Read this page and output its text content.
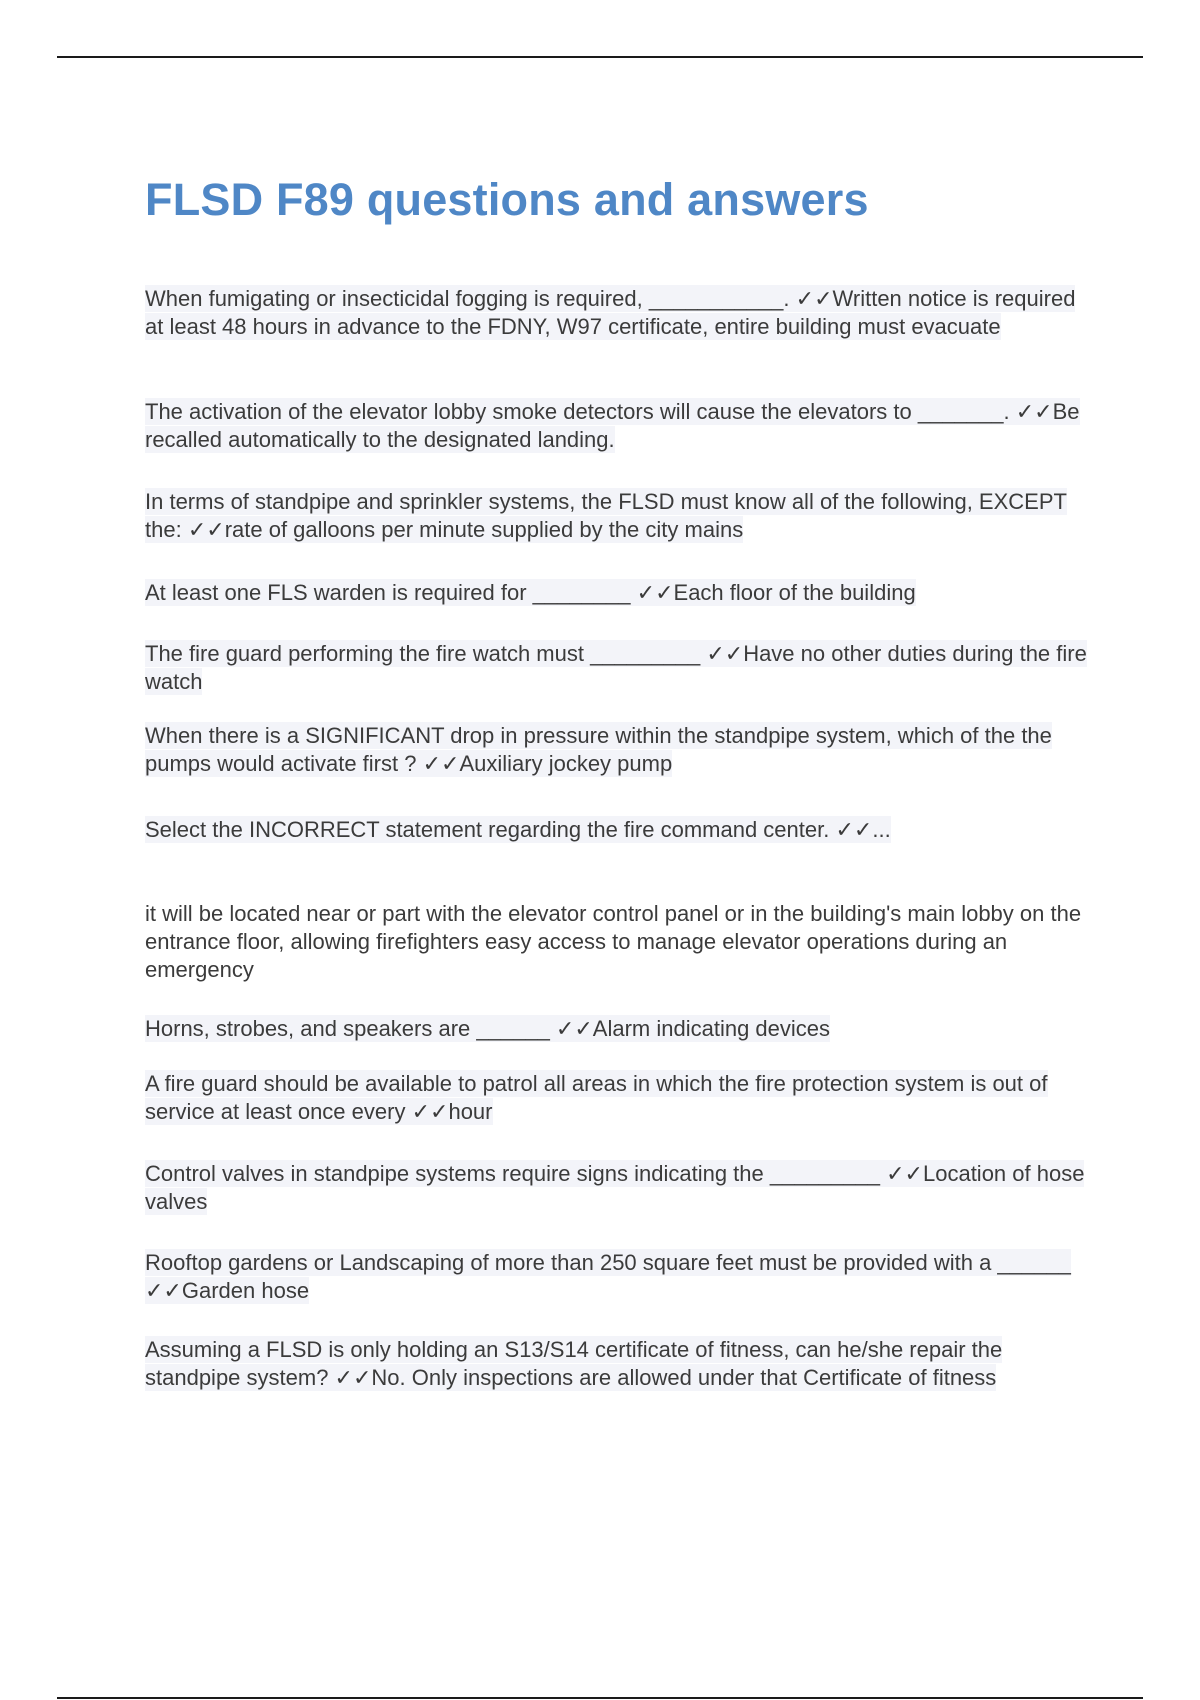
FLSD F89 questions and answers

When fumigating or insecticidal fogging is required, ___________. ✓✓Written notice is required at least 48 hours in advance to the FDNY, W97 certificate, entire building must evacuate

The activation of the elevator lobby smoke detectors will cause the elevators to _______. ✓✓Be recalled automatically to the designated landing.

In terms of standpipe and sprinkler systems, the FLSD must know all of the following, EXCEPT the: ✓✓rate of galloons per minute supplied by the city mains

At least one FLS warden is required for ________ ✓✓Each floor of the building

The fire guard performing the fire watch must _________ ✓✓Have no other duties during the fire watch

When there is a SIGNIFICANT drop in pressure within the standpipe system, which of the the pumps would activate first ? ✓✓Auxiliary jockey pump

Select the INCORRECT statement regarding the fire command center. ✓✓...

it will be located near or part with the elevator control panel or in the building's main lobby on the entrance floor, allowing firefighters easy access to manage elevator operations during an emergency

Horns, strobes, and speakers are ______ ✓✓Alarm indicating devices

A fire guard should be available to patrol all areas in which the fire protection system is out of service at least once every ✓✓hour

Control valves in standpipe systems require signs indicating the _________ ✓✓Location of hose valves

Rooftop gardens or Landscaping of more than 250 square feet must be provided with a ______ ✓✓Garden hose

Assuming a FLSD is only holding an S13/S14 certificate of fitness, can he/she repair the standpipe system? ✓✓No. Only inspections are allowed under that Certificate of fitness
